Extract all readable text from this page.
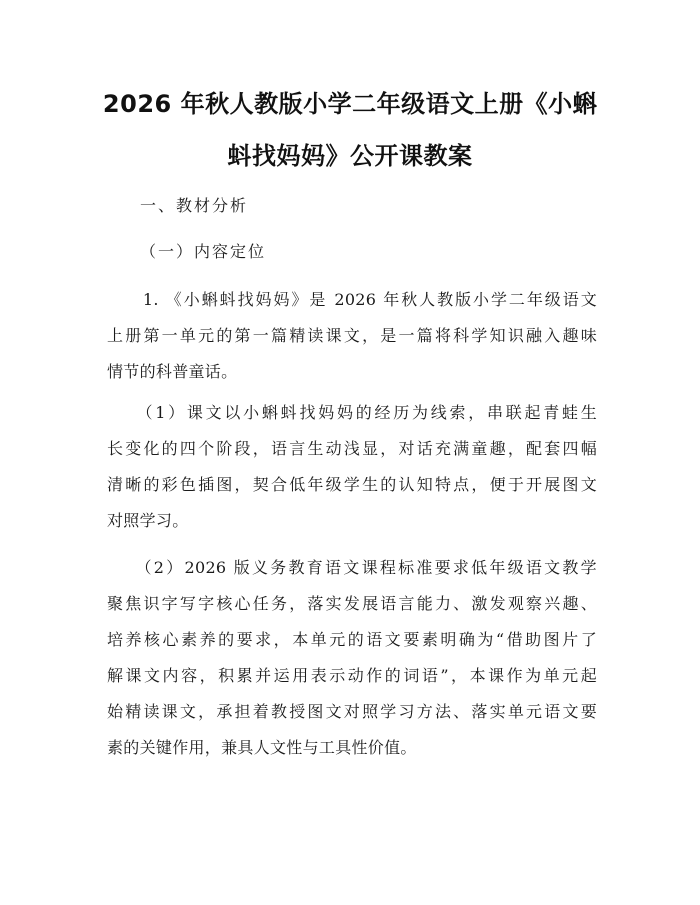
2026 年秋人教版小学二年级语文上册《小蝌
蚪找妈妈》公开课教案
一、教材分析
（一）内容定位
　　1. 《小蝌蚪找妈妈》是 2026 年秋人教版小学二年级语文
上册第一单元的第一篇精读课文，是一篇将科学知识融入趣味
情节的科普童话。
　　（1）课文以小蝌蚪找妈妈的经历为线索，串联起青蛙生
长变化的四个阶段，语言生动浅显，对话充满童趣，配套四幅
清晰的彩色插图，契合低年级学生的认知特点，便于开展图文
对照学习。
　　（2）2026 版义务教育语文课程标准要求低年级语文教学
聚焦识字写字核心任务，落实发展语言能力、激发观察兴趣、
培养核心素养的要求，本单元的语文要素明确为“借助图片了
解课文内容，积累并运用表示动作的词语”，本课作为单元起
始精读课文，承担着教授图文对照学习方法、落实单元语文要
素的关键作用，兼具人文性与工具性价值。
